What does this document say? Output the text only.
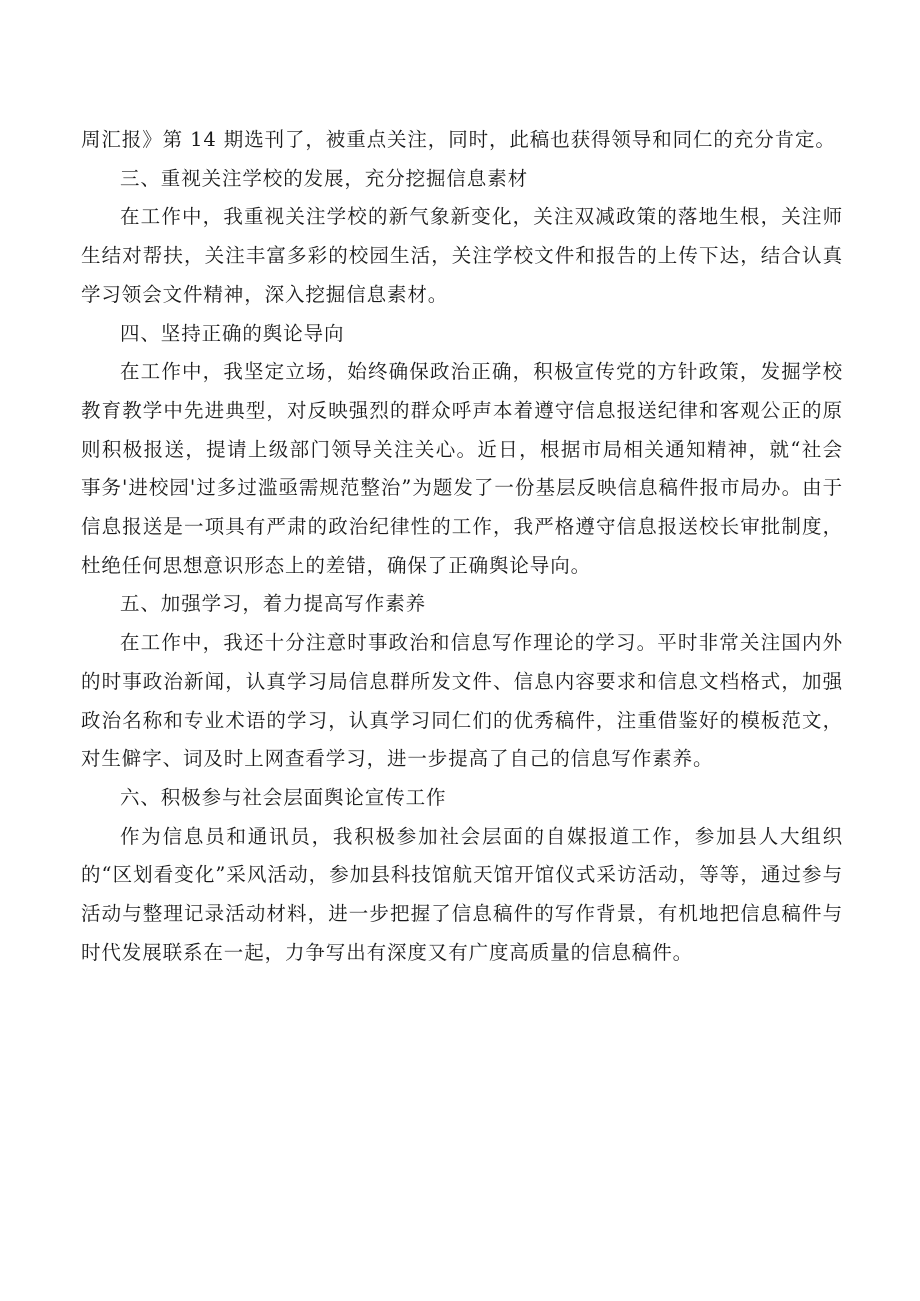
周汇报》第 14 期选刊了，被重点关注，同时，此稿也获得领导和同仁的充分肯定。

三、重视关注学校的发展，充分挖掘信息素材

在工作中，我重视关注学校的新气象新变化，关注双减政策的落地生根，关注师生结对帮扶，关注丰富多彩的校园生活，关注学校文件和报告的上传下达，结合认真学习领会文件精神，深入挖掘信息素材。

四、坚持正确的舆论导向

在工作中，我坚定立场，始终确保政治正确，积极宣传党的方针政策，发掘学校教育教学中先进典型，对反映强烈的群众呼声本着遵守信息报送纪律和客观公正的原则积极报送，提请上级部门领导关注关心。近日，根据市局相关通知精神，就“社会事务'进校园'过多过滥亟需规范整治”为题发了一份基层反映信息稿件报市局办。由于信息报送是一项具有严肃的政治纪律性的工作，我严格遵守信息报送校长审批制度，杜绝任何思想意识形态上的差错，确保了正确舆论导向。

五、加强学习，着力提高写作素养

在工作中，我还十分注意时事政治和信息写作理论的学习。平时非常关注国内外的时事政治新闻，认真学习局信息群所发文件、信息内容要求和信息文档格式，加强政治名称和专业术语的学习，认真学习同仁们的优秀稿件，注重借鉴好的模板范文，对生僻字、词及时上网查看学习，进一步提高了自己的信息写作素养。

六、积极参与社会层面舆论宣传工作

作为信息员和通讯员，我积极参加社会层面的自媒报道工作，参加县人大组织的“区划看变化”采风活动，参加县科技馆航天馆开馆仪式采访活动，等等，通过参与活动与整理记录活动材料，进一步把握了信息稿件的写作背景，有机地把信息稿件与时代发展联系在一起，力争写出有深度又有广度高质量的信息稿件。
